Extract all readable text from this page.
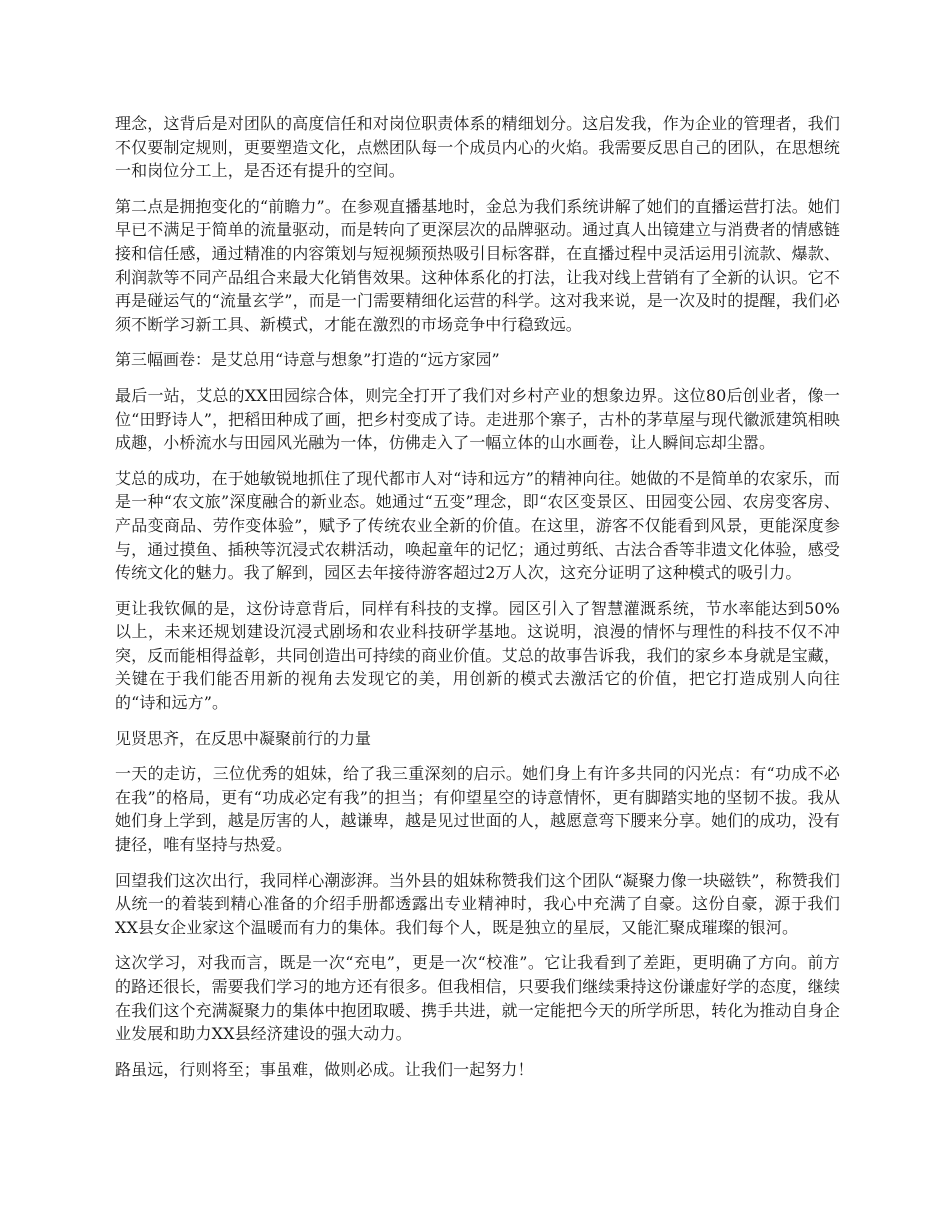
理念，这背后是对团队的高度信任和对岗位职责体系的精细划分。这启发我，作为企业的管理者，我们不仅要制定规则，更要塑造文化，点燃团队每一个成员内心的火焰。我需要反思自己的团队，在思想统一和岗位分工上，是否还有提升的空间。

第二点是拥抱变化的“前瞻力”。在参观直播基地时，金总为我们系统讲解了她们的直播运营打法。她们早已不满足于简单的流量驱动，而是转向了更深层次的品牌驱动。通过真人出镜建立与消费者的情感链接和信任感，通过精准的内容策划与短视频预热吸引目标客群，在直播过程中灵活运用引流款、爆款、利润款等不同产品组合来最大化销售效果。这种体系化的打法，让我对线上营销有了全新的认识。它不再是碰运气的“流量玄学”，而是一门需要精细化运营的科学。这对我来说，是一次及时的提醒，我们必须不断学习新工具、新模式，才能在激烈的市场竞争中行稳致远。

第三幅画卷：是艾总用“诗意与想象”打造的“远方家园”

最后一站，艾总的XX田园综合体，则完全打开了我们对乡村产业的想象边界。这位80后创业者，像一位“田野诗人”，把稻田种成了画，把乡村变成了诗。走进那个寨子，古朴的茅草屋与现代徽派建筑相映成趣，小桥流水与田园风光融为一体，仿佛走入了一幅立体的山水画卷，让人瞬间忘却尘嚣。

艾总的成功，在于她敏锐地抓住了现代都市人对“诗和远方”的精神向往。她做的不是简单的农家乐，而是一种“农文旅”深度融合的新业态。她通过“五变”理念，即“农区变景区、田园变公园、农房变客房、产品变商品、劳作变体验”，赋予了传统农业全新的价值。在这里，游客不仅能看到风景，更能深度参与，通过摸鱼、插秧等沉浸式农耕活动，唤起童年的记忆；通过剪纸、古法合香等非遗文化体验，感受传统文化的魅力。我了解到，园区去年接待游客超过2万人次，这充分证明了这种模式的吸引力。

更让我钦佩的是，这份诗意背后，同样有科技的支撑。园区引入了智慧灌溉系统，节水率能达到50%以上，未来还规划建设沉浸式剧场和农业科技研学基地。这说明，浪漫的情怀与理性的科技不仅不冲突，反而能相得益彰，共同创造出可持续的商业价值。艾总的故事告诉我，我们的家乡本身就是宝藏，关键在于我们能否用新的视角去发现它的美，用创新的模式去激活它的价值，把它打造成别人向往的“诗和远方”。

见贤思齐，在反思中凝聚前行的力量

一天的走访，三位优秀的姐妹，给了我三重深刻的启示。她们身上有许多共同的闪光点：有“功成不必在我”的格局，更有“功成必定有我”的担当；有仰望星空的诗意情怀，更有脚踏实地的坚韧不拔。我从她们身上学到，越是厉害的人，越谦卑，越是见过世面的人，越愿意弯下腰来分享。她们的成功，没有捷径，唯有坚持与热爱。

回望我们这次出行，我同样心潮澎湃。当外县的姐妹称赞我们这个团队“凝聚力像一块磁铁”，称赞我们从统一的着装到精心准备的介绍手册都透露出专业精神时，我心中充满了自豪。这份自豪，源于我们XX县女企业家这个温暖而有力的集体。我们每个人，既是独立的星辰，又能汇聚成璀璨的银河。

这次学习，对我而言，既是一次“充电”，更是一次“校准”。它让我看到了差距，更明确了方向。前方的路还很长，需要我们学习的地方还有很多。但我相信，只要我们继续秉持这份谦虚好学的态度，继续在我们这个充满凝聚力的集体中抱团取暖、携手共进，就一定能把今天的所学所思，转化为推动自身企业发展和助力XX县经济建设的强大动力。

路虽远，行则将至；事虽难，做则必成。让我们一起努力！
